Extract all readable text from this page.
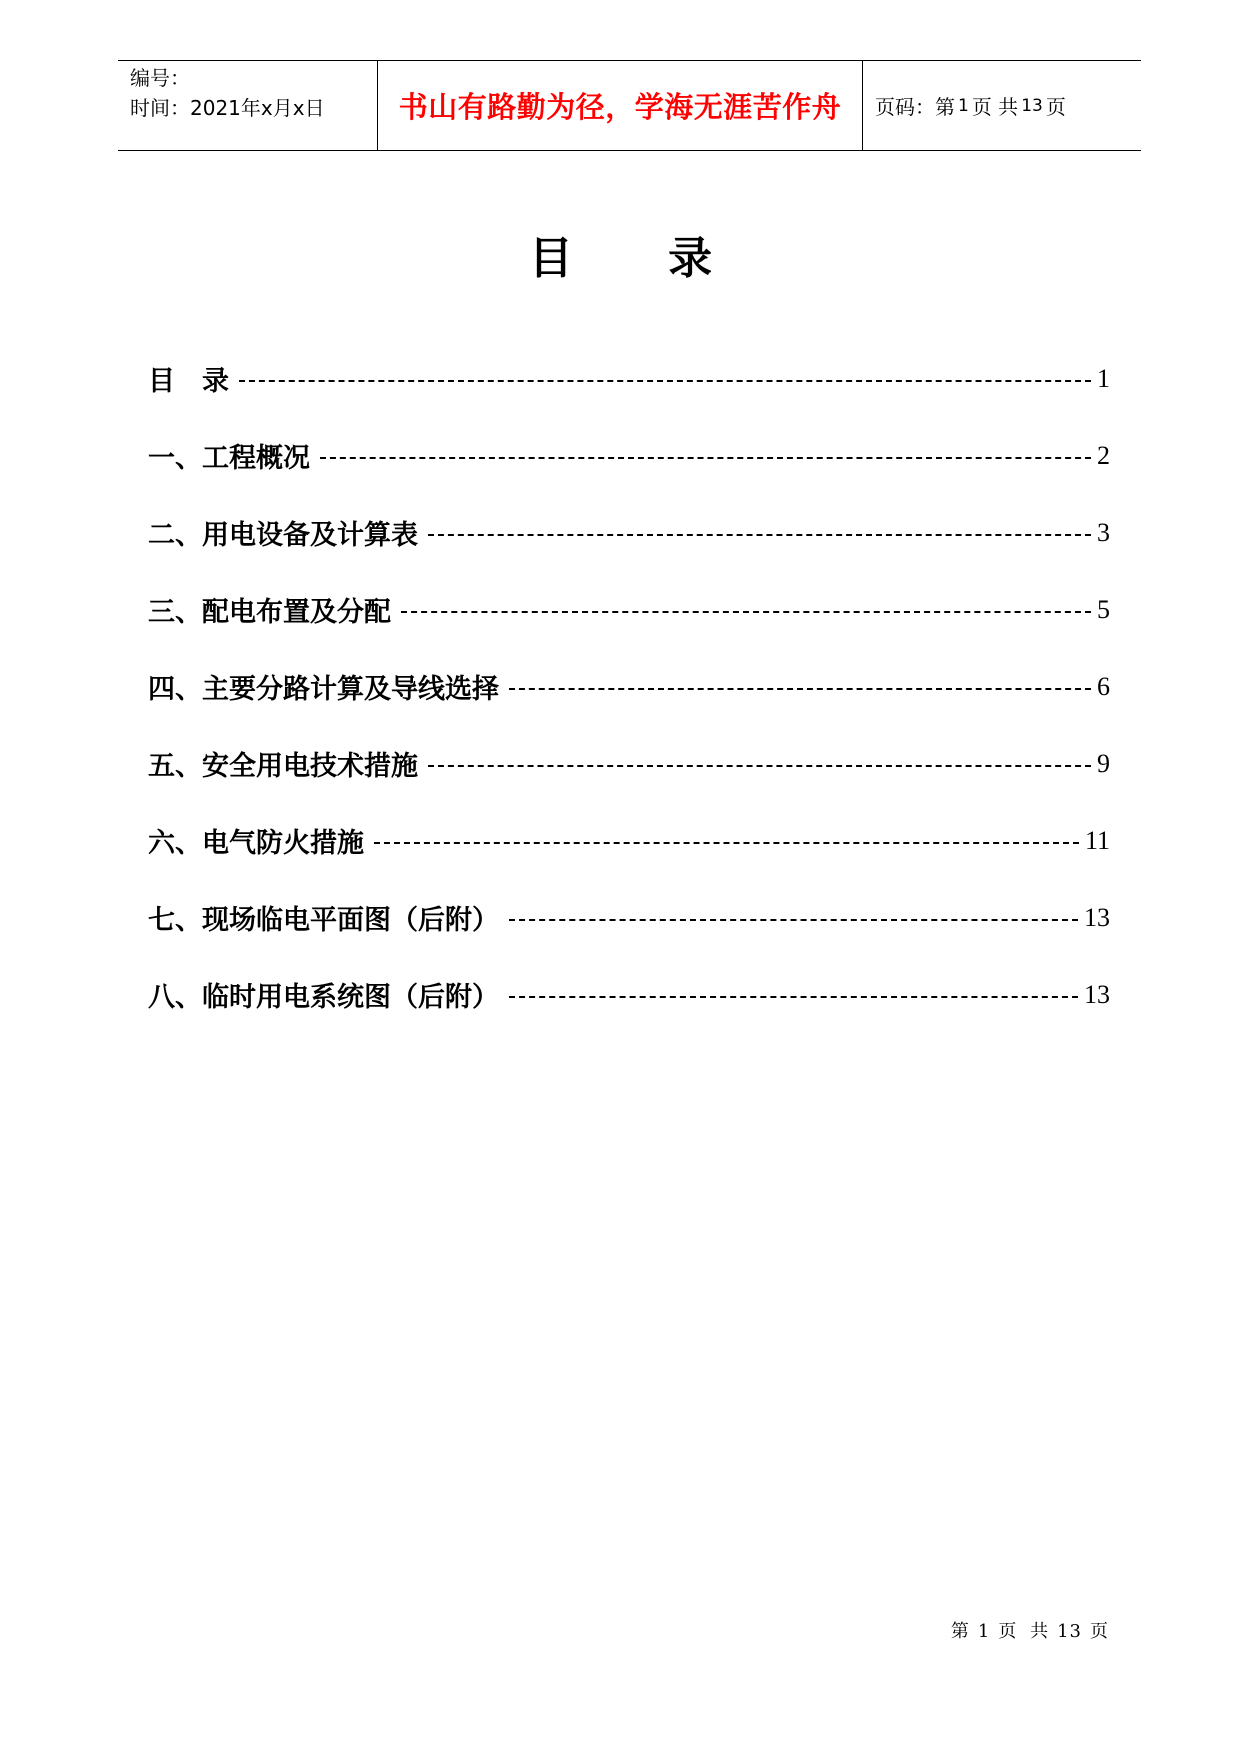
编号：
时间：2021年x月x日	书山有路勤为径，学海无涯苦作舟 页码：第 1 页 共 13 页
目 录
目　录	1
一、工程概况	2
二、用电设备及计算表	3
三、配电布置及分配	5
四、主要分路计算及导线选择	6
五、安全用电技术措施	9
六、电气防火措施	11
七、现场临电平面图（后附）	13
八、临时用电系统图（后附）	13
第 1 页 共 13 页
